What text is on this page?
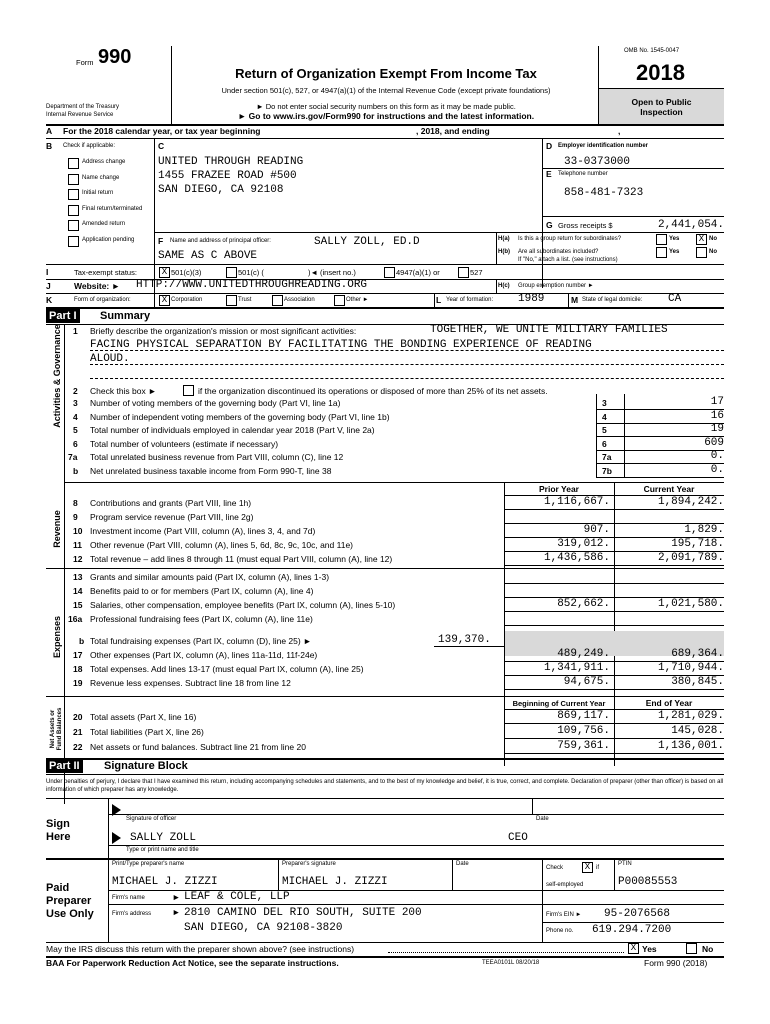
Form 990
Department of the Treasury
Internal Revenue Service
Return of Organization Exempt From Income Tax
Under section 501(c), 527, or 4947(a)(1) of the Internal Revenue Code (except private foundations)
► Do not enter social security numbers on this form as it may be made public.
► Go to www.irs.gov/Form990 for instructions and the latest information.
OMB No. 1545-0047
2018
Open to Public
Inspection
A For the 2018 calendar year, or tax year beginning	, 2018, and ending	,
B Check if applicable:
Address change
Name change
Initial return
Final return/terminated
Amended return
Application pending
C
UNITED THROUGH READING
1455 FRAZEE ROAD #500
SAN DIEGO, CA 92108
D Employer identification number
33-0373000
E Telephone number
858-481-7323
G Gross receipts $	2,441,054.
F Name and address of principal officer:	SALLY ZOLL, ED.D
SAME AS C ABOVE
H(a) Is this a group return for subordinates?	Yes	X No
H(b) Are all subordinates included?
If "No," attach a list. (see instructions)
Yes	No
I	Tax-exempt status:	X 501(c)(3)	501(c) (	)◄ (insert no.)	4947(a)(1) or	527
J	Website: ► HTTP://WWW.UNITEDTHROUGHREADING.ORG	H(c) Group exemption number ►
K	Form of organization:	X Corporation	Trust	Association	Other ►	L Year of formation: 1989	M State of legal domicile: CA
Part I Summary
Activities & Governance 1 Briefly describe the organization's mission or most significant activities:	TOGETHER, WE UNITE MILITARY FAMILIES
FACING PHYSICAL SEPARATION BY FACILITATING THE BONDING EXPERIENCE OF READING
ALOUD.
2 Check this box ►	if the organization discontinued its operations or disposed of more than 25% of its net assets.
3 Number of voting members of the governing body (Part VI, line 1a)	3	17
4 Number of independent voting members of the governing body (Part VI, line 1b)	4	16
5 Total number of individuals employed in calendar year 2018 (Part V, line 2a)	5	19
6 Total number of volunteers (estimate if necessary)	6	609
7a Total unrelated business revenue from Part VIII, column (C), line 12	7a	0.
b Net unrelated business taxable income from Form 990-T, line 38	7b	0.
Prior Year	Current Year
Revenue
8 Contributions and grants (Part VIII, line 1h)	1,116,667.	1,894,242.
9 Program service revenue (Part VIII, line 2g)
10 Investment income (Part VIII, column (A), lines 3, 4, and 7d)	907.	1,829.
11 Other revenue (Part VIII, column (A), lines 5, 6d, 8c, 9c, 10c, and 11e)	319,012.	195,718.
12 Total revenue – add lines 8 through 11 (must equal Part VIII, column (A), line 12)	1,436,586.	2,091,789.
Expenses
13 Grants and similar amounts paid (Part IX, column (A), lines 1-3)
14 Benefits paid to or for members (Part IX, column (A), line 4)
15 Salaries, other compensation, employee benefits (Part IX, column (A), lines 5-10)	852,662.	1,021,580.
16a Professional fundraising fees (Part IX, column (A), line 11e)
b Total fundraising expenses (Part IX, column (D), line 25) ►	139,370.
17 Other expenses (Part IX, column (A), lines 11a-11d, 11f-24e)	489,249.	689,364.
18 Total expenses. Add lines 13-17 (must equal Part IX, column (A), line 25)	1,341,911.	1,710,944.
19 Revenue less expenses. Subtract line 18 from line 12	94,675.	380,845.
Beginning of Current Year	End of Year
Net Assets or Fund Balances 20 Total assets (Part X, line 16)	869,117.	1,281,029.
21 Total liabilities (Part X, line 26)	109,756.	145,028.
22 Net assets or fund balances. Subtract line 21 from line 20	759,361.	1,136,001.
Part II Signature Block
Under penalties of perjury, I declare that I have examined this return, including accompanying schedules and statements, and to the best of my knowledge and belief, it is true, correct, and complete. Declaration of preparer (other than officer) is based on all information of which preparer has any knowledge.
Sign
Here
Signature of officer	Date
SALLY ZOLL	CEO
Type or print name and title
Paid
Preparer
Use Only
Print/Type preparer's name	Preparer's signature	Date
Check	X if
self-employed
PTIN
MICHAEL J. ZIZZI	MICHAEL J. ZIZZI	P00085553
Firm's name	► LEAF & COLE, LLP
Firm's address ► 2810 CAMINO DEL RIO SOUTH, SUITE 200
SAN DIEGO, CA 92108-3820
Firm's EIN ► 95-2076568
Phone no. 619.294.7200
May the IRS discuss this return with the preparer shown above? (see instructions)	X Yes	No
BAA For Paperwork Reduction Act Notice, see the separate instructions.	TEEA0101L 08/20/18	Form 990 (2018)
